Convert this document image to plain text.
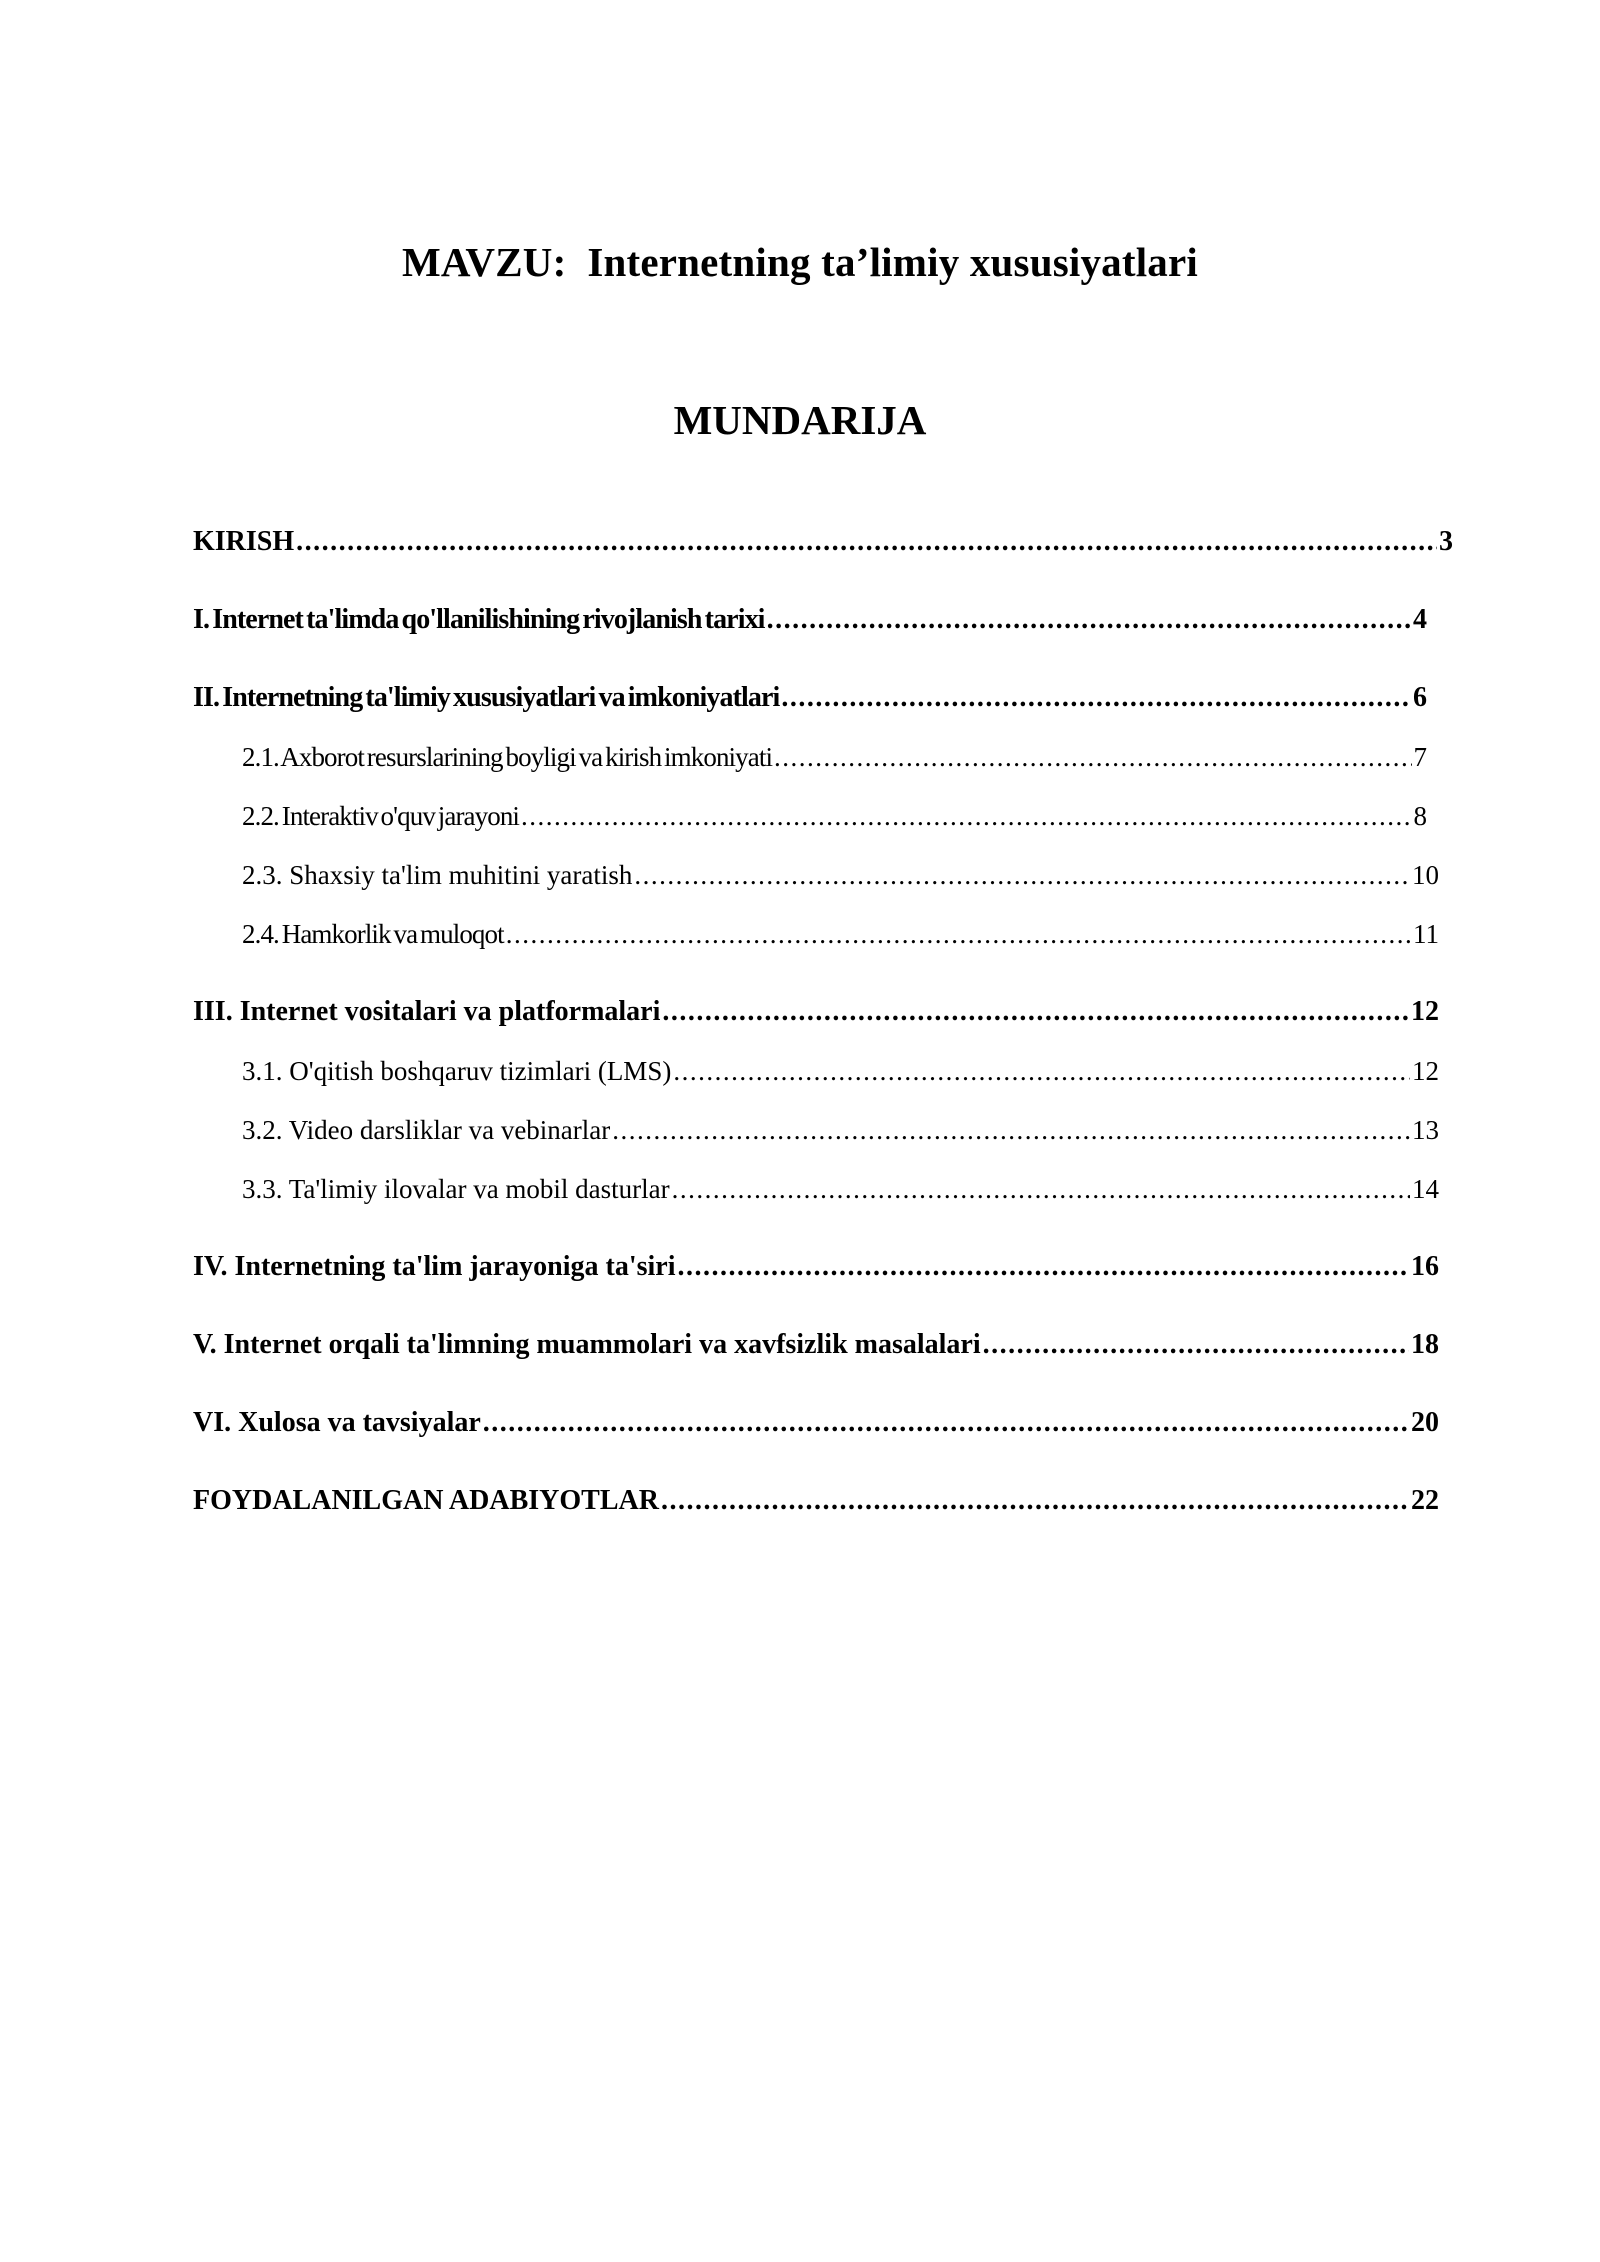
MAVZU:  Internetning ta’limiy xususiyatlari
MUNDARIJA
KIRISH .....	3
I. Internet ta'limda qo'llanilishining rivojlanish tarixi .....	4
II. Internetning ta'limiy xususiyatlari va imkoniyatlari .....	6
2.1. Axborot resurslarining boyligi va kirish imkoniyati .....	7
2.2. Interaktiv o'quv jarayoni .....	8
2.3. Shaxsiy ta'lim muhitini yaratish .....	10
2.4. Hamkorlik va muloqot .....	11
III. Internet vositalari va platformalari .....	12
3.1. O'qitish boshqaruv tizimlari (LMS) .....	12
3.2. Video darsliklar va vebinarlar .....	13
3.3. Ta'limiy ilovalar va mobil dasturlar .....	14
IV. Internetning ta'lim jarayoniga ta'siri .....	16
V. Internet orqali ta'limning muammolari va xavfsizlik masalalari .....	18
VI. Xulosa va tavsiyalar .....	20
FOYDALANILGAN ADABIYOTLAR .....	22
